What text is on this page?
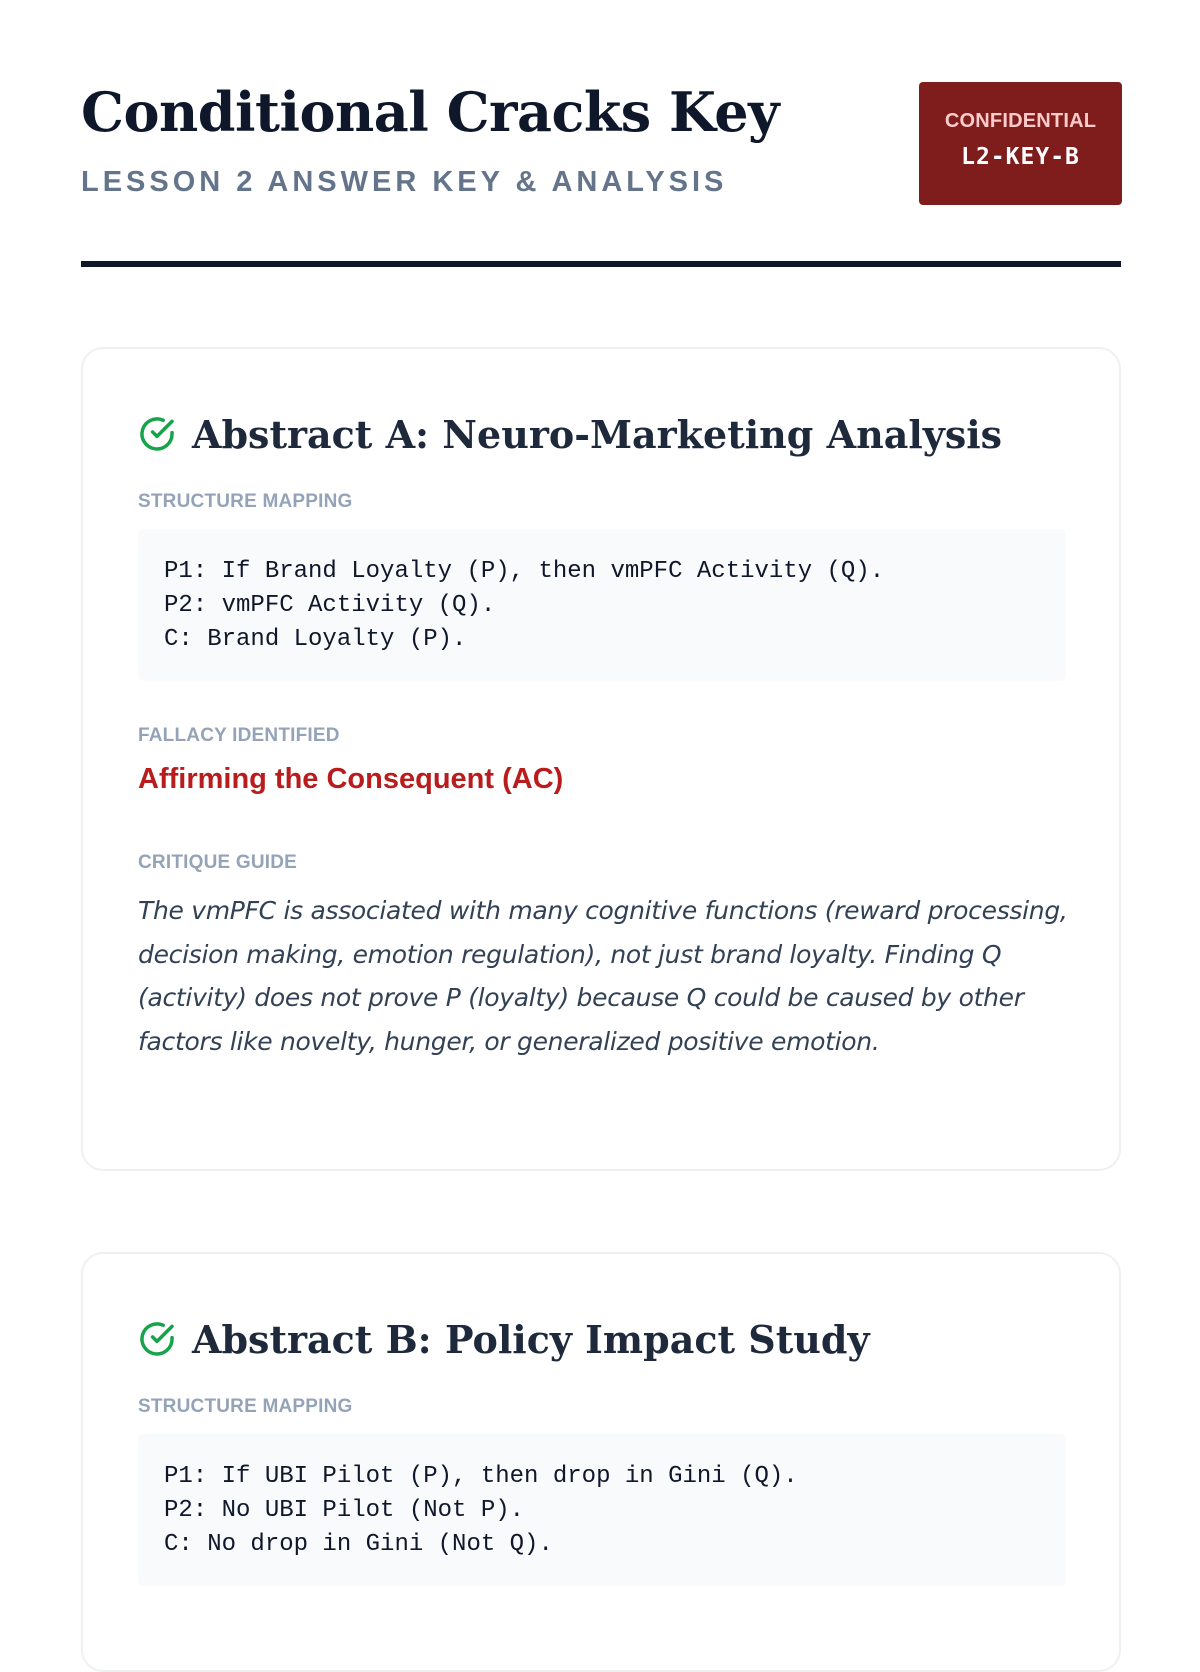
Conditional Cracks Key
LESSON 2 ANSWER KEY & ANALYSIS
CONFIDENTIAL
L2-KEY-B
Abstract A: Neuro-Marketing Analysis
STRUCTURE MAPPING
P1: If Brand Loyalty (P), then vmPFC Activity (Q).
P2: vmPFC Activity (Q).
C: Brand Loyalty (P).
FALLACY IDENTIFIED
Affirming the Consequent (AC)
CRITIQUE GUIDE

The vmPFC is associated with many cognitive functions (reward processing, decision making, emotion regulation), not just brand loyalty. Finding Q (activity) does not prove P (loyalty) because Q could be caused by other factors like novelty, hunger, or generalized positive emotion.

Abstract B: Policy Impact Study
STRUCTURE MAPPING
P1: If UBI Pilot (P), then drop in Gini (Q).
P2: No UBI Pilot (Not P).
C: No drop in Gini (Not Q).
